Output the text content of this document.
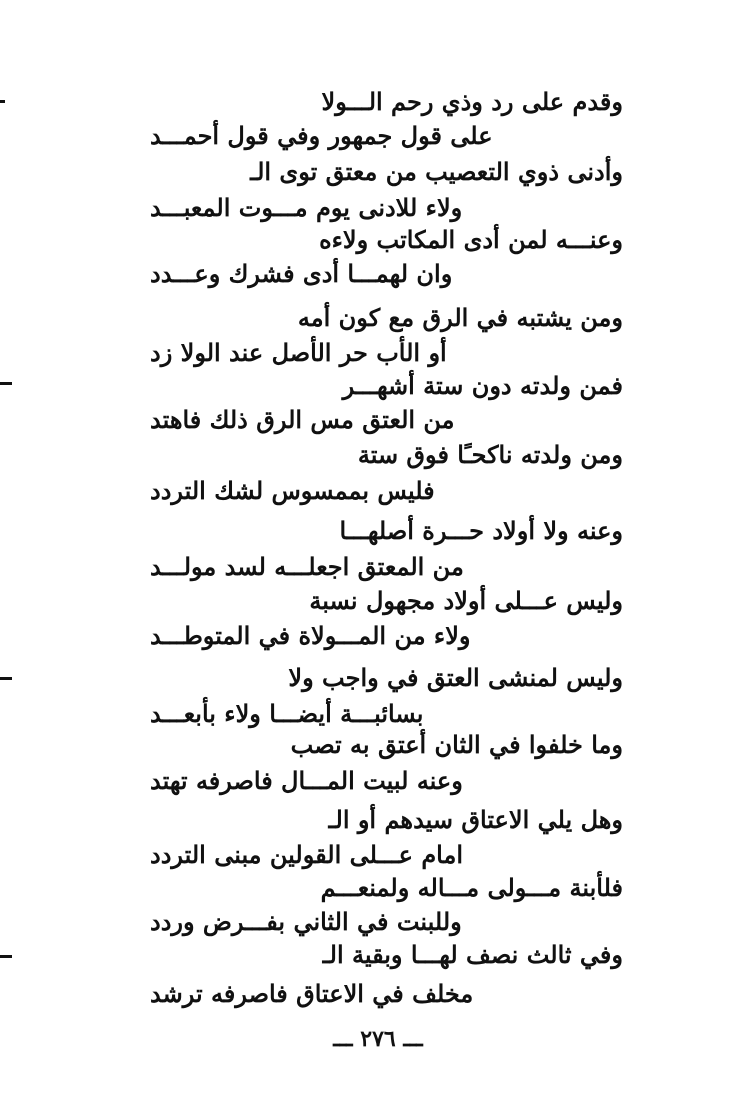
وقدم على رد وذي رحم الـــولا
على قول جمهور وفي قول أحمـــد
وأدنى ذوي التعصيب من معتق توى الـ
ولاء للادنى يوم مـــوت المعبـــد
وعنـــه لمن أدى المكاتب ولاءه
وان لهمـــا أدى فشرك وعـــدد
ومن يشتبه في الرق مع كون أمه
أو الأب حر الأصل عند الولا زد
فمن ولدته دون ستة أشهـــر
من العتق مس الرق ذلك فاهتد
ومن ولدته ناكحـًا فوق ستة
فليس بممسوس لشك التردد
وعنه ولا أولاد حـــرة أصلهـــا
من المعتق اجعلـــه لسد مولـــد
وليس عـــلى أولاد مجهول نسبة
ولاء من المـــولاة في المتوطـــد
وليس لمنشى العتق في واجب ولا
بسائبـــة أيضـــا ولاء بأبعـــد
وما خلفوا في الثان أعتق به تصب
وعنه لبيت المـــال فاصرفه تهتد
وهل يلي الاعتاق سيدهم أو الـ
امام عـــلى القولين مبنى التردد
فلأبنة مـــولى مـــاله ولمنعـــم
وللبنت في الثاني بفـــرض وردد
وفي ثالث نصف لهـــا وبقية الـ
مخلف في الاعتاق فاصرفه ترشد
ـــ ٢٧٦ ـــ
